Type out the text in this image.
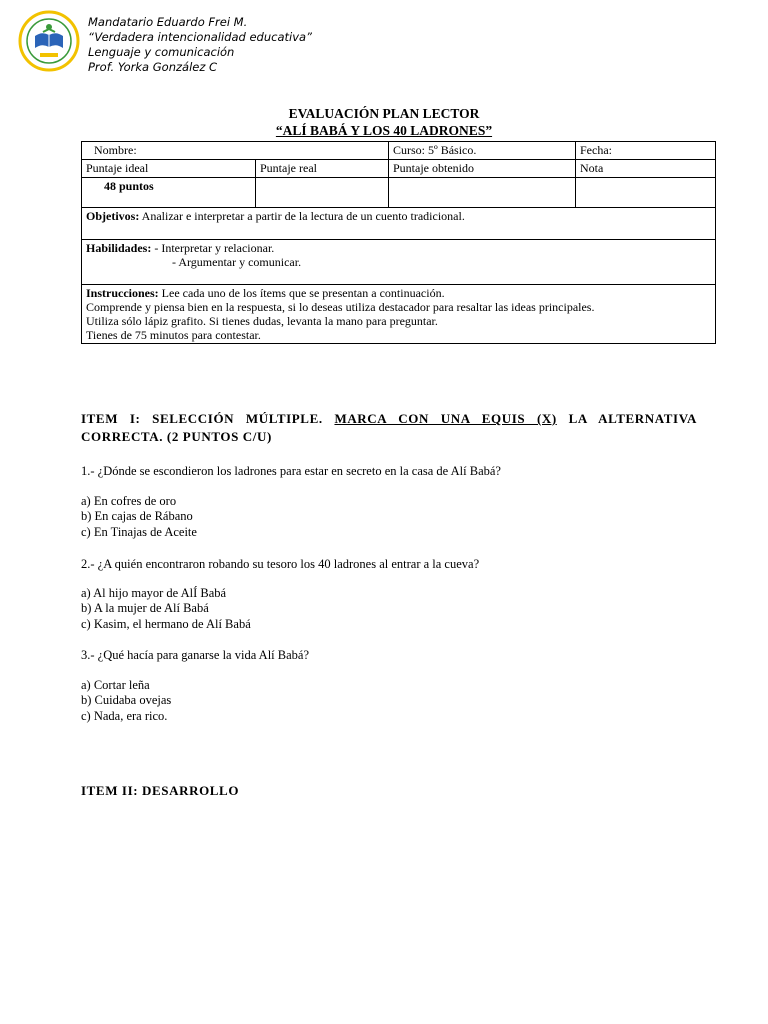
Mandatario Eduardo Frei M.
“Verdadera intencionalidad educativa”
Lenguaje y comunicación
Prof. Yorka González C
EVALUACIÓN PLAN LECTOR
“ALÍ BABÁ Y LOS 40 LADRONES”
Nombre:		Curso: 5º Básico.	Fecha:
Puntaje ideal	Puntaje real	Puntaje obtenido	Nota
48 puntos			
Objetivos: Analizar e interpretar a partir de la lectura de un cuento tradicional.			

Habilidades: - Interpretar y relacionar.
- Argumentar y comunicar.			

Instrucciones: Lee cada uno de los ítems que se presentan a continuación.
Comprende y piensa bien en la respuesta, si lo deseas utiliza destacador para resaltar las ideas principales.
Utiliza sólo lápiz grafito. Si tienes dudas, levanta la mano para preguntar.
Tienes de 75 minutos para contestar.			
ITEM I: SELECCIÓN MÚLTIPLE. MARCA CON UNA EQUIS (X) LA ALTERNATIVA CORRECTA. (2 PUNTOS C/U)
1.- ¿Dónde se escondieron los ladrones para estar en secreto en la casa de Alí Babá?
a) En cofres de oro
b) En cajas de Rábano
c) En Tinajas de Aceite
2.- ¿A quién encontraron robando su tesoro los 40 ladrones al entrar a la cueva?
a) Al hijo mayor de AlÍ Babá
b) A la mujer de Alí Babá
c) Kasim, el hermano de Alí Babá
3.- ¿Qué hacía para ganarse la vida Alí Babá?
a) Cortar leña
b) Cuidaba ovejas
c) Nada, era rico.
ITEM II: DESARROLLO
